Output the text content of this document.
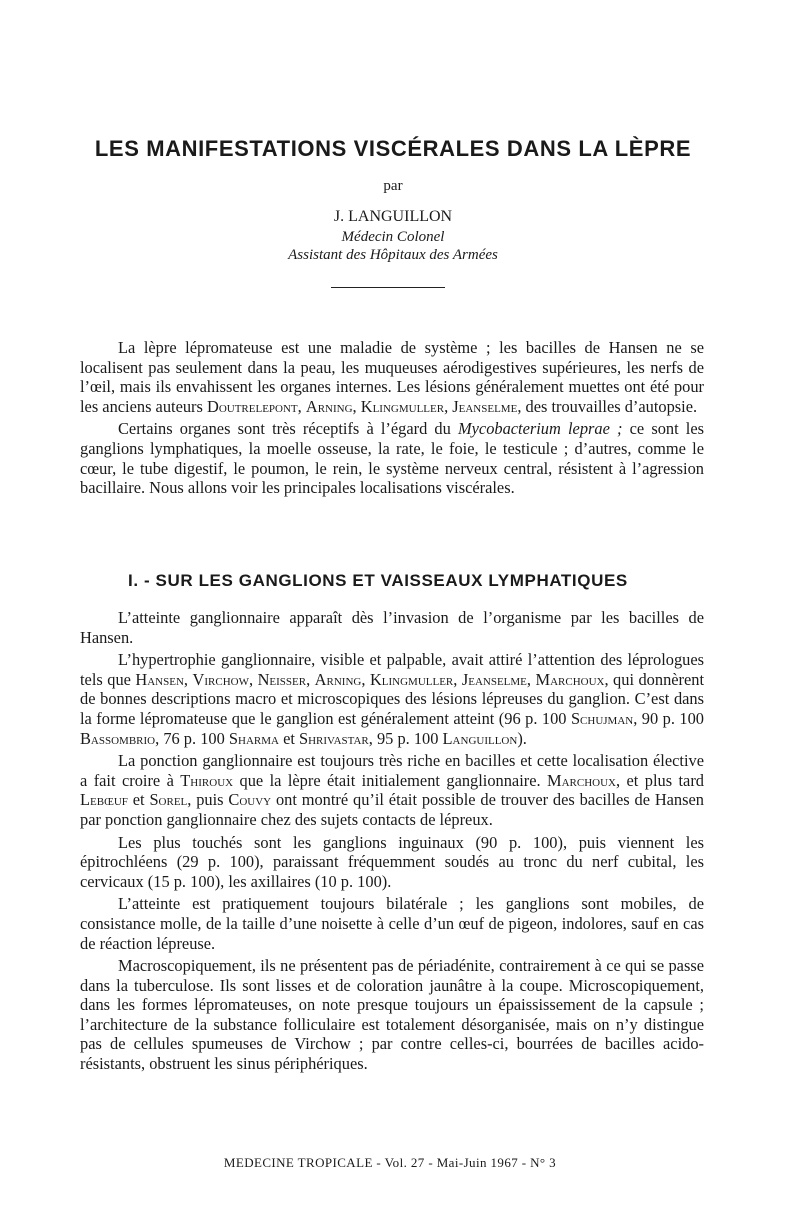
LES MANIFESTATIONS VISCÉRALES DANS LA LÈPRE
par
J. LANGUILLON
Médecin Colonel
Assistant des Hôpitaux des Armées

La lèpre lépromateuse est une maladie de système ; les bacilles de Hansen ne se localisent pas seulement dans la peau, les muqueuses aérodigestives supérieures, les nerfs de l’œil, mais ils envahissent les organes internes. Les lésions généralement muettes ont été pour les anciens auteurs Doutrelepont, Arning, Klingmuller, Jeanselme, des trouvailles d’autopsie.

Certains organes sont très réceptifs à l’égard du Mycobacterium leprae ; ce sont les ganglions lymphatiques, la moelle osseuse, la rate, le foie, le testicule ; d’autres, comme le cœur, le tube digestif, le poumon, le rein, le système nerveux central, résistent à l’agression bacillaire. Nous allons voir les principales localisations viscérales.

I. - SUR LES GANGLIONS ET VAISSEAUX LYMPHATIQUES

L’atteinte ganglionnaire apparaît dès l’invasion de l’organisme par les bacilles de Hansen.

L’hypertrophie ganglionnaire, visible et palpable, avait attiré l’attention des léprologues tels que Hansen, Virchow, Neisser, Arning, Klingmuller, Jeanselme, Marchoux, qui donnèrent de bonnes descriptions macro et microscopiques des lésions lépreuses du ganglion. C’est dans la forme lépromateuse que le ganglion est généralement atteint (96 p. 100 Schujman, 90 p. 100 Bassombrio, 76 p. 100 Sharma et Shrivastar, 95 p. 100 Languillon).

La ponction ganglionnaire est toujours très riche en bacilles et cette localisation élective a fait croire à Thiroux que la lèpre était initialement ganglionnaire. Marchoux, et plus tard Lebœuf et Sorel, puis Couvy ont montré qu’il était possible de trouver des bacilles de Hansen par ponction ganglionnaire chez des sujets contacts de lépreux.

Les plus touchés sont les ganglions inguinaux (90 p. 100), puis viennent les épitrochléens (29 p. 100), paraissant fréquemment soudés au tronc du nerf cubital, les cervicaux (15 p. 100), les axillaires (10 p. 100).

L’atteinte est pratiquement toujours bilatérale ; les ganglions sont mobiles, de consistance molle, de la taille d’une noisette à celle d’un œuf de pigeon, indolores, sauf en cas de réaction lépreuse.

Macroscopiquement, ils ne présentent pas de périadénite, contrairement à ce qui se passe dans la tuberculose. Ils sont lisses et de coloration jaunâtre à la coupe. Microscopiquement, dans les formes lépromateuses, on note presque toujours un épaississement de la capsule ; l’architecture de la substance folliculaire est totalement désorganisée, mais on n’y distingue pas de cellules spumeuses de Virchow ; par contre celles-ci, bourrées de bacilles acido-résistants, obstruent les sinus périphériques.

MEDECINE TROPICALE - Vol. 27 - Mai-Juin 1967 - N° 3
